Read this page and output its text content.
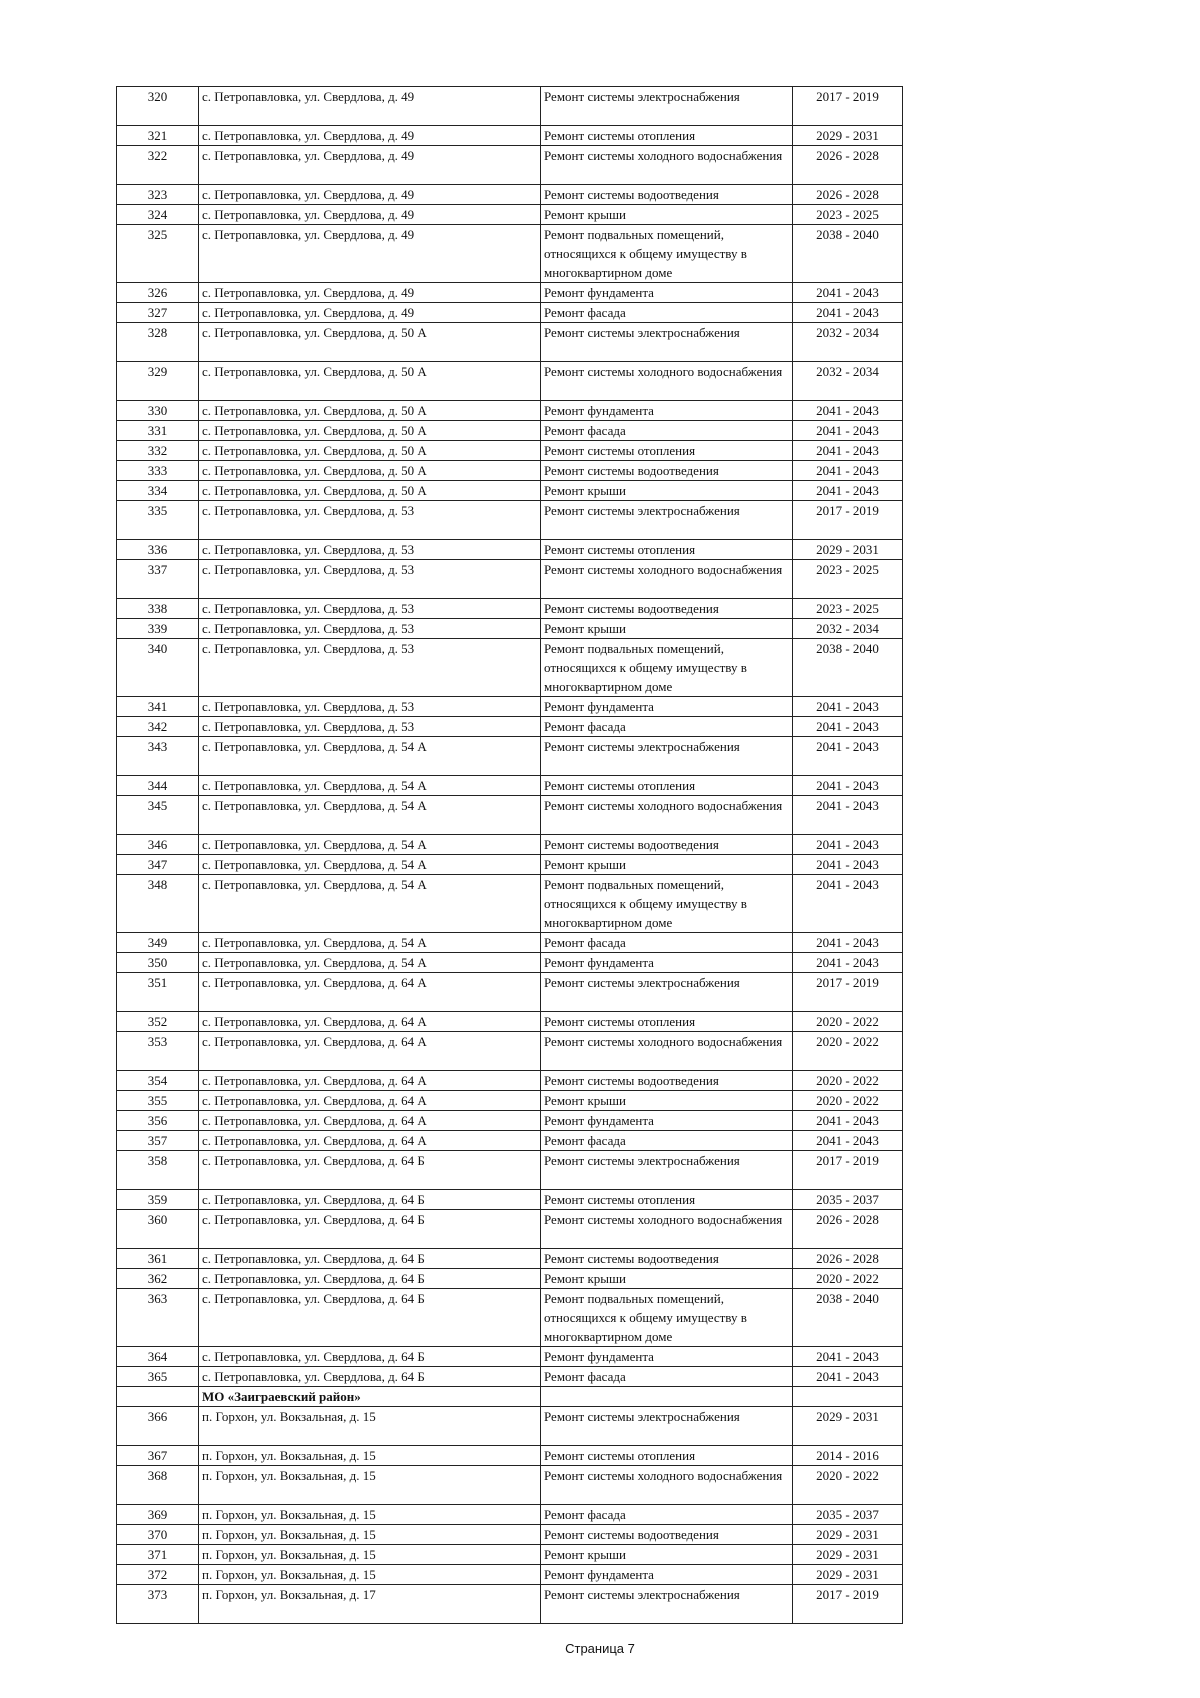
320	с. Петропавловка, ул. Свердлова, д. 49	Ремонт системы электроснабжения	2017 - 2019
321	с. Петропавловка, ул. Свердлова, д. 49	Ремонт системы отопления	2029 - 2031
322	с. Петропавловка, ул. Свердлова, д. 49	Ремонт системы холодного водоснабжения	2026 - 2028
323	с. Петропавловка, ул. Свердлова, д. 49	Ремонт системы водоотведения	2026 - 2028
324	с. Петропавловка, ул. Свердлова, д. 49	Ремонт крыши	2023 - 2025
325	с. Петропавловка, ул. Свердлова, д. 49	Ремонт подвальных помещений, относящихся к общему имуществу в многоквартирном доме	2038 - 2040
326	с. Петропавловка, ул. Свердлова, д. 49	Ремонт фундамента	2041 - 2043
327	с. Петропавловка, ул. Свердлова, д. 49	Ремонт фасада	2041 - 2043
328	с. Петропавловка, ул. Свердлова, д. 50 А	Ремонт системы электроснабжения	2032 - 2034
329	с. Петропавловка, ул. Свердлова, д. 50 А	Ремонт системы холодного водоснабжения	2032 - 2034
330	с. Петропавловка, ул. Свердлова, д. 50 А	Ремонт фундамента	2041 - 2043
331	с. Петропавловка, ул. Свердлова, д. 50 А	Ремонт фасада	2041 - 2043
332	с. Петропавловка, ул. Свердлова, д. 50 А	Ремонт системы отопления	2041 - 2043
333	с. Петропавловка, ул. Свердлова, д. 50 А	Ремонт системы водоотведения	2041 - 2043
334	с. Петропавловка, ул. Свердлова, д. 50 А	Ремонт крыши	2041 - 2043
335	с. Петропавловка, ул. Свердлова, д. 53	Ремонт системы электроснабжения	2017 - 2019
336	с. Петропавловка, ул. Свердлова, д. 53	Ремонт системы отопления	2029 - 2031
337	с. Петропавловка, ул. Свердлова, д. 53	Ремонт системы холодного водоснабжения	2023 - 2025
338	с. Петропавловка, ул. Свердлова, д. 53	Ремонт системы водоотведения	2023 - 2025
339	с. Петропавловка, ул. Свердлова, д. 53	Ремонт крыши	2032 - 2034
340	с. Петропавловка, ул. Свердлова, д. 53	Ремонт подвальных помещений, относящихся к общему имуществу в многоквартирном доме	2038 - 2040
341	с. Петропавловка, ул. Свердлова, д. 53	Ремонт фундамента	2041 - 2043
342	с. Петропавловка, ул. Свердлова, д. 53	Ремонт фасада	2041 - 2043
343	с. Петропавловка, ул. Свердлова, д. 54 А	Ремонт системы электроснабжения	2041 - 2043
344	с. Петропавловка, ул. Свердлова, д. 54 А	Ремонт системы отопления	2041 - 2043
345	с. Петропавловка, ул. Свердлова, д. 54 А	Ремонт системы холодного водоснабжения	2041 - 2043
346	с. Петропавловка, ул. Свердлова, д. 54 А	Ремонт системы водоотведения	2041 - 2043
347	с. Петропавловка, ул. Свердлова, д. 54 А	Ремонт крыши	2041 - 2043
348	с. Петропавловка, ул. Свердлова, д. 54 А	Ремонт подвальных помещений, относящихся к общему имуществу в многоквартирном доме	2041 - 2043
349	с. Петропавловка, ул. Свердлова, д. 54 А	Ремонт фасада	2041 - 2043
350	с. Петропавловка, ул. Свердлова, д. 54 А	Ремонт фундамента	2041 - 2043
351	с. Петропавловка, ул. Свердлова, д. 64 А	Ремонт системы электроснабжения	2017 - 2019
352	с. Петропавловка, ул. Свердлова, д. 64 А	Ремонт системы отопления	2020 - 2022
353	с. Петропавловка, ул. Свердлова, д. 64 А	Ремонт системы холодного водоснабжения	2020 - 2022
354	с. Петропавловка, ул. Свердлова, д. 64 А	Ремонт системы водоотведения	2020 - 2022
355	с. Петропавловка, ул. Свердлова, д. 64 А	Ремонт крыши	2020 - 2022
356	с. Петропавловка, ул. Свердлова, д. 64 А	Ремонт фундамента	2041 - 2043
357	с. Петропавловка, ул. Свердлова, д. 64 А	Ремонт фасада	2041 - 2043
358	с. Петропавловка, ул. Свердлова, д. 64 Б	Ремонт системы электроснабжения	2017 - 2019
359	с. Петропавловка, ул. Свердлова, д. 64 Б	Ремонт системы отопления	2035 - 2037
360	с. Петропавловка, ул. Свердлова, д. 64 Б	Ремонт системы холодного водоснабжения	2026 - 2028
361	с. Петропавловка, ул. Свердлова, д. 64 Б	Ремонт системы водоотведения	2026 - 2028
362	с. Петропавловка, ул. Свердлова, д. 64 Б	Ремонт крыши	2020 - 2022
363	с. Петропавловка, ул. Свердлова, д. 64 Б	Ремонт подвальных помещений, относящихся к общему имуществу в многоквартирном доме	2038 - 2040
364	с. Петропавловка, ул. Свердлова, д. 64 Б	Ремонт фундамента	2041 - 2043
365	с. Петропавловка, ул. Свердлова, д. 64 Б	Ремонт фасада	2041 - 2043
	МО «Заиграевский район»		
366	п. Горхон, ул. Вокзальная, д. 15	Ремонт системы электроснабжения	2029 - 2031
367	п. Горхон, ул. Вокзальная, д. 15	Ремонт системы отопления	2014 - 2016
368	п. Горхон, ул. Вокзальная, д. 15	Ремонт системы холодного водоснабжения	2020 - 2022
369	п. Горхон, ул. Вокзальная, д. 15	Ремонт фасада	2035 - 2037
370	п. Горхон, ул. Вокзальная, д. 15	Ремонт системы водоотведения	2029 - 2031
371	п. Горхон, ул. Вокзальная, д. 15	Ремонт крыши	2029 - 2031
372	п. Горхон, ул. Вокзальная, д. 15	Ремонт фундамента	2029 - 2031
373	п. Горхон, ул. Вокзальная, д. 17	Ремонт системы электроснабжения	2017 - 2019
Страница 7
